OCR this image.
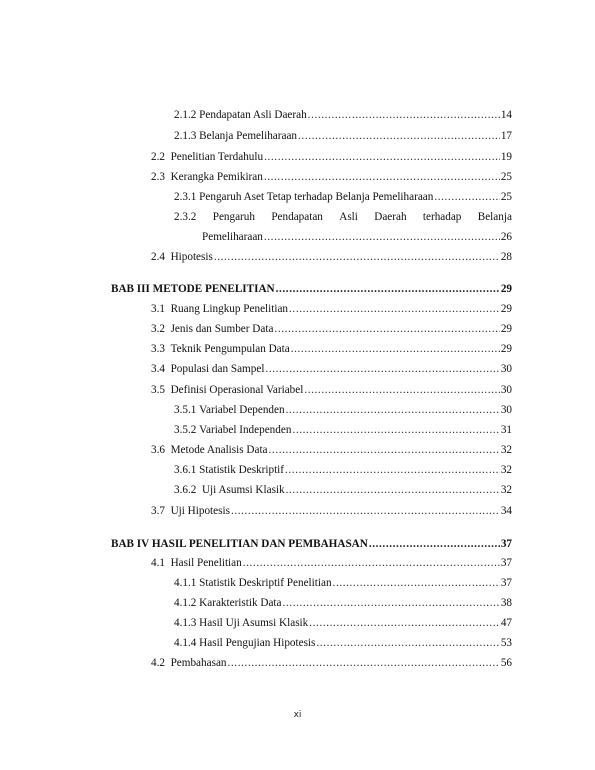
2.1.2 Pendapatan Asli Daerah .....	14
2.1.3 Belanja Pemeliharaan .....	17
2.2 Penelitian Terdahulu .....	19
2.3 Kerangka Pemikiran .....	25
2.3.1 Pengaruh Aset Tetap terhadap Belanja Pemeliharaan .....	25
2.3.2 Pengaruh Pendapatan Asli Daerah terhadap Belanja
Pemeliharaan .....	26
2.4 Hipotesis .....	28
BAB III METODE PENELITIAN .....	29
3.1 Ruang Lingkup Penelitian .....	29
3.2 Jenis dan Sumber Data .....	29
3.3 Teknik Pengumpulan Data .....	29
3.4 Populasi dan Sampel .....	30
3.5 Definisi Operasional Variabel .....	30
3.5.1 Variabel Dependen .....	30
3.5.2 Variabel Independen .....	31
3.6 Metode Analisis Data .....	32
3.6.1 Statistik Deskriptif .....	32
3.6.2 Uji Asumsi Klasik .....	32
3.7 Uji Hipotesis .....	34
BAB IV HASIL PENELITIAN DAN PEMBAHASAN .....	37
4.1 Hasil Penelitian .....	37
4.1.1 Statistik Deskriptif Penelitian .....	37
4.1.2 Karakteristik Data .....	38
4.1.3 Hasil Uji Asumsi Klasik .....	47
4.1.4 Hasil Pengujian Hipotesis .....	53
4.2 Pembahasan .....	56
xi
